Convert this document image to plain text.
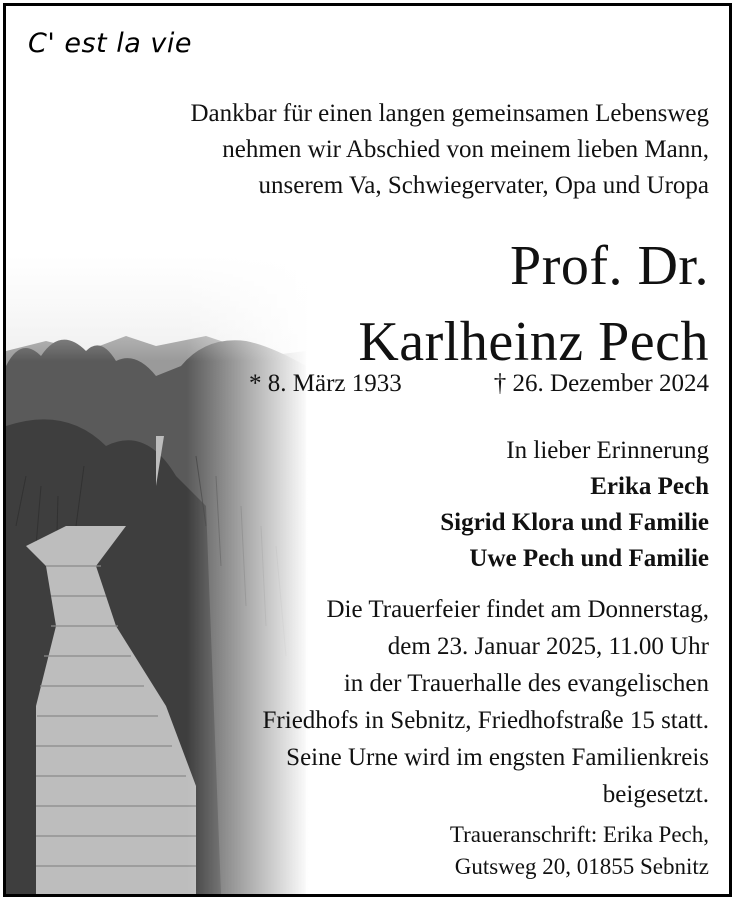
C' est la vie
Dankbar für einen langen gemeinsamen Lebensweg
nehmen wir Abschied von meinem lieben Mann,
unserem Va, Schwiegervater, Opa und Uropa
Prof. Dr.
Karlheinz Pech
* 8. März 1933	† 26. Dezember 2024
In lieber Erinnerung
Erika Pech
Sigrid Klora und Familie
Uwe Pech und Familie
Die Trauerfeier findet am Donnerstag,
dem 23. Januar 2025, 11.00 Uhr
in der Trauerhalle des evangelischen
Friedhofs in Sebnitz, Friedhofstraße 15 statt.
Seine Urne wird im engsten Familienkreis
beigesetzt.
Traueranschrift: Erika Pech,
Gutsweg 20, 01855 Sebnitz
